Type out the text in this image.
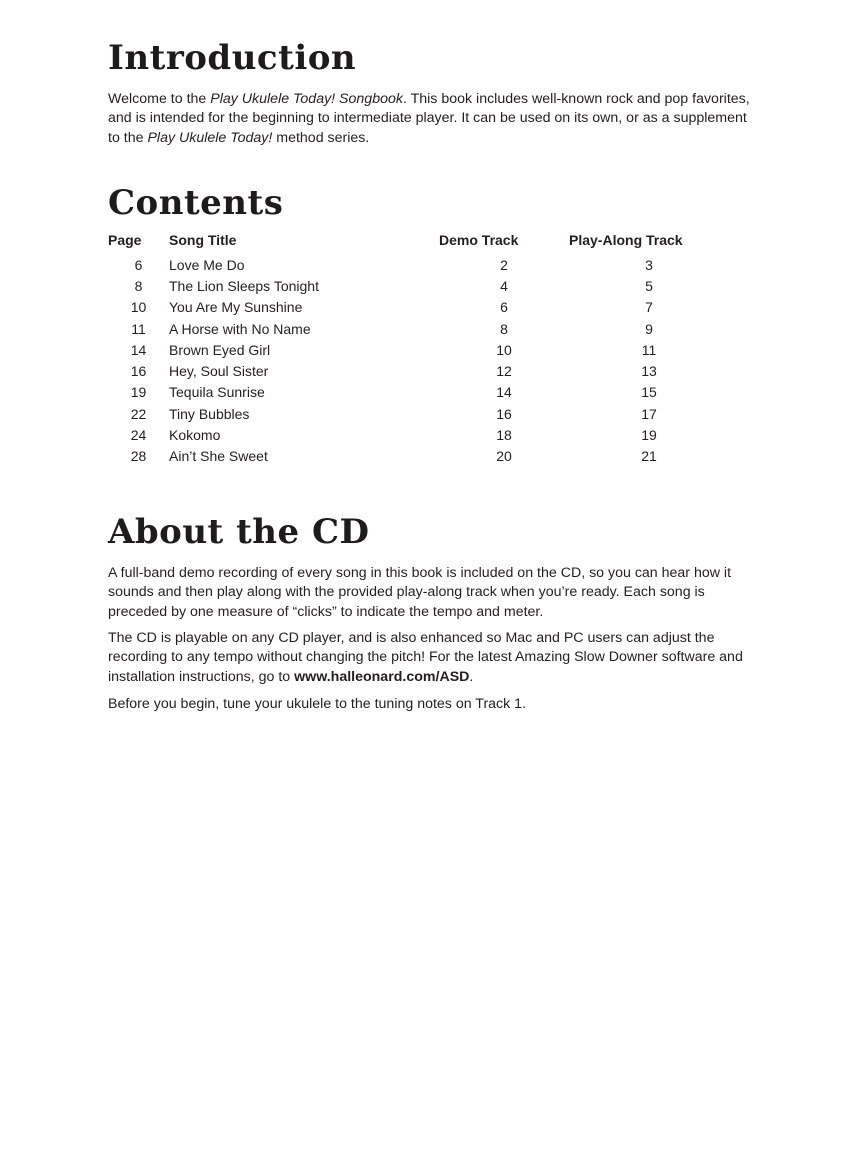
Introduction

Welcome to the Play Ukulele Today! Songbook. This book includes well-known rock and pop favorites, and is intended for the beginning to intermediate player. It can be used on its own, or as a supplement to the Play Ukulele Today! method series.

Contents
Page	Song Title	Demo Track	Play-Along Track
6	Love Me Do	2	3
8	The Lion Sleeps Tonight	4	5
10	You Are My Sunshine	6	7
11	A Horse with No Name	8	9
14	Brown Eyed Girl	10	11
16	Hey, Soul Sister	12	13
19	Tequila Sunrise	14	15
22	Tiny Bubbles	16	17
24	Kokomo	18	19
28	Ain’t She Sweet	20	21
About the CD

A full-band demo recording of every song in this book is included on the CD, so you can hear how it sounds and then play along with the provided play-along track when you’re ready. Each song is preceded by one measure of “clicks” to indicate the tempo and meter.

The CD is playable on any CD player, and is also enhanced so Mac and PC users can adjust the recording to any tempo without changing the pitch! For the latest Amazing Slow Downer software and installation instructions, go to www.halleonard.com/ASD.

Before you begin, tune your ukulele to the tuning notes on Track 1.
